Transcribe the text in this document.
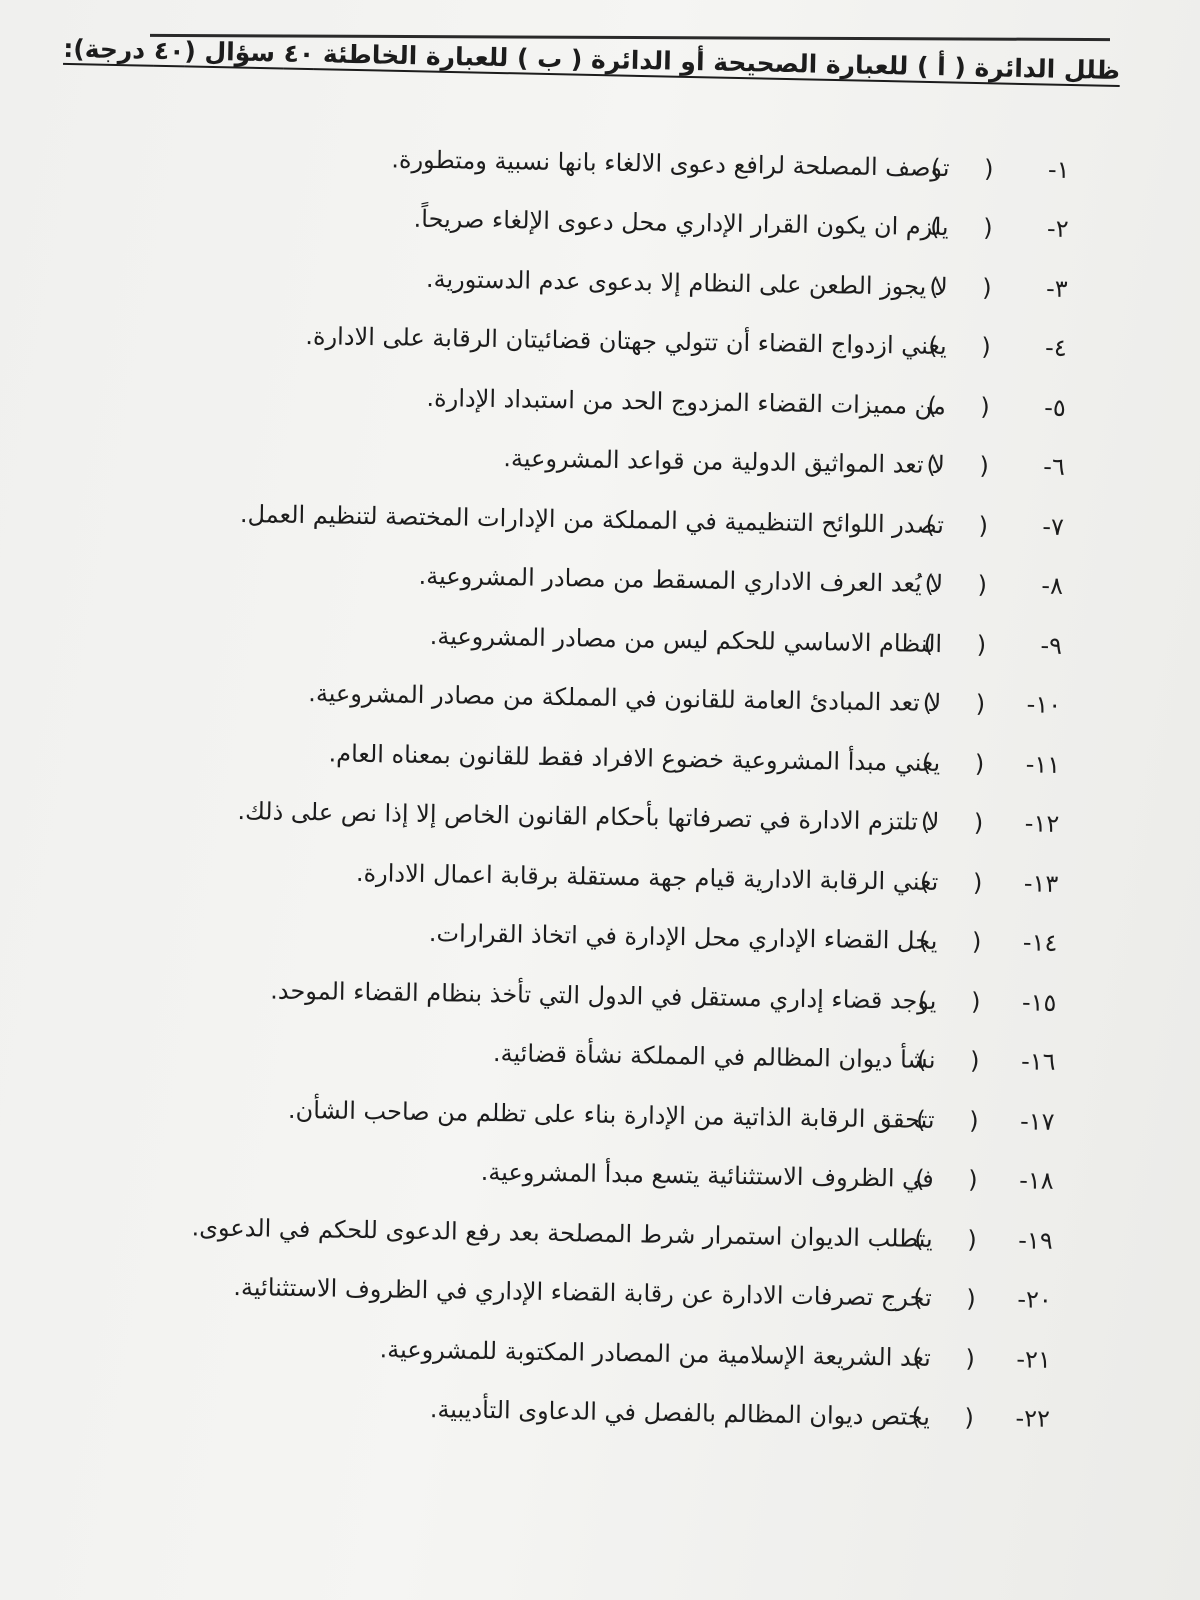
ظلل الدائرة ( أ ) للعبارة الصحيحة أو الدائرة ( ب ) للعبارة الخاطئة ٤٠ سؤال (٤٠ درجة):
١-
( )
توصف المصلحة لرافع دعوى الالغاء بانها نسبية ومتطورة.
٢-
( )
يلزم ان يكون القرار الإداري محل دعوى الإلغاء صريحاً.
٣-
( )
لا يجوز الطعن على النظام إلا بدعوى عدم الدستورية.
٤-
( )
يعني ازدواج القضاء أن تتولي جهتان قضائيتان الرقابة على الادارة.
٥-
( )
من مميزات القضاء المزدوج الحد من استبداد الإدارة.
٦-
( )
لا تعد المواثيق الدولية من قواعد المشروعية.
٧-
( )
تصدر اللوائح التنظيمية في المملكة من الإدارات المختصة لتنظيم العمل.
٨-
( )
لا يُعد العرف الاداري المسقط من مصادر المشروعية.
٩-
( )
النظام الاساسي للحكم ليس من مصادر المشروعية.
١٠-
( )
لا تعد المبادئ العامة للقانون في المملكة من مصادر المشروعية.
١١-
( )
يعني مبدأ المشروعية خضوع الافراد فقط للقانون بمعناه العام.
١٢-
( )
لا تلتزم الادارة في تصرفاتها بأحكام القانون الخاص إلا إذا نص على ذلك.
١٣-
( )
تعني الرقابة الادارية قيام جهة مستقلة برقابة اعمال الادارة.
١٤-
( )
يحل القضاء الإداري محل الإدارة في اتخاذ القرارات.
١٥-
( )
يوجد قضاء إداري مستقل في الدول التي تأخذ بنظام القضاء الموحد.
١٦-
( )
نشأ ديوان المظالم في المملكة نشأة قضائية.
١٧-
( )
تتحقق الرقابة الذاتية من الإدارة بناء على تظلم من صاحب الشأن.
١٨-
( )
في الظروف الاستثنائية يتسع مبدأ المشروعية.
١٩-
( )
يتطلب الديوان استمرار شرط المصلحة بعد رفع الدعوى للحكم في الدعوى.
٢٠-
( )
تخرج تصرفات الادارة عن رقابة القضاء الإداري في الظروف الاستثنائية.
٢١-
( )
تعد الشريعة الإسلامية من المصادر المكتوبة للمشروعية.
٢٢-
( )
يختص ديوان المظالم بالفصل في الدعاوى التأديبية.
